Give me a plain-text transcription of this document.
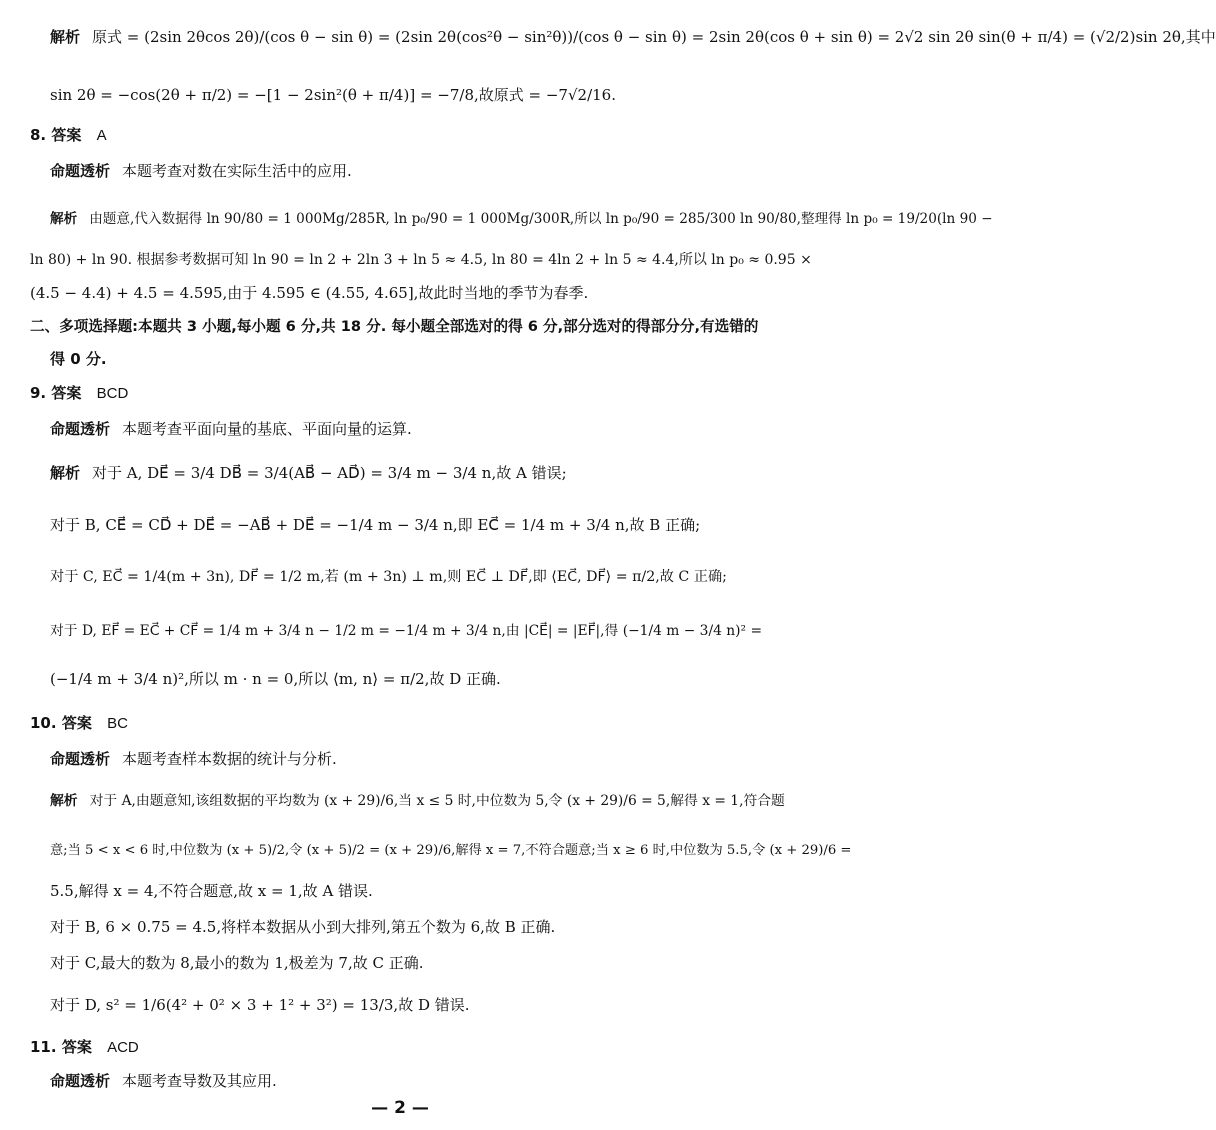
解析 原式 = (2sin 2θcos 2θ)/(cos θ − sin θ) = (2sin 2θ(cos²θ − sin²θ))/(cos θ − sin θ) = 2sin 2θ(cos θ + sin θ) = 2√2 sin 2θ sin(θ + π/4) = (√2/2)sin 2θ,其中
sin 2θ = −cos(2θ + π/2) = −[1 − 2sin²(θ + π/4)] = −7/8,故原式 = −7√2/16.
8. 答案 A
命题透析 本题考查对数在实际生活中的应用.
解析 由题意,代入数据得 ln 90/80 = 1 000Mg/285R, ln p₀/90 = 1 000Mg/300R,所以 ln p₀/90 = 285/300 ln 90/80,整理得 ln p₀ = 19/20(ln 90 −
ln 80) + ln 90. 根据参考数据可知 ln 90 = ln 2 + 2ln 3 + ln 5 ≈ 4.5, ln 80 = 4ln 2 + ln 5 ≈ 4.4,所以 ln p₀ ≈ 0.95 ×
(4.5 − 4.4) + 4.5 = 4.595,由于 4.595 ∈ (4.55, 4.65],故此时当地的季节为春季.
二、多项选择题:本题共 3 小题,每小题 6 分,共 18 分. 每小题全部选对的得 6 分,部分选对的得部分分,有选错的
得 0 分.
9. 答案 BCD
命题透析 本题考查平面向量的基底、平面向量的运算.
解析 对于 A, DE⃗ = 3/4 DB⃗ = 3/4(AB⃗ − AD⃗) = 3/4 m − 3/4 n,故 A 错误;
对于 B, CE⃗ = CD⃗ + DE⃗ = −AB⃗ + DE⃗ = −1/4 m − 3/4 n,即 EC⃗ = 1/4 m + 3/4 n,故 B 正确;
对于 C, EC⃗ = 1/4(m + 3n), DF⃗ = 1/2 m,若 (m + 3n) ⊥ m,则 EC⃗ ⊥ DF⃗,即 ⟨EC⃗, DF⃗⟩ = π/2,故 C 正确;
对于 D, EF⃗ = EC⃗ + CF⃗ = 1/4 m + 3/4 n − 1/2 m = −1/4 m + 3/4 n,由 |CE⃗| = |EF⃗|,得 (−1/4 m − 3/4 n)² =
(−1/4 m + 3/4 n)²,所以 m · n = 0,所以 ⟨m, n⟩ = π/2,故 D 正确.
10. 答案 BC
命题透析 本题考查样本数据的统计与分析.
解析 对于 A,由题意知,该组数据的平均数为 (x + 29)/6,当 x ≤ 5 时,中位数为 5,令 (x + 29)/6 = 5,解得 x = 1,符合题
意;当 5 < x < 6 时,中位数为 (x + 5)/2,令 (x + 5)/2 = (x + 29)/6,解得 x = 7,不符合题意;当 x ≥ 6 时,中位数为 5.5,令 (x + 29)/6 =
5.5,解得 x = 4,不符合题意,故 x = 1,故 A 错误.
对于 B, 6 × 0.75 = 4.5,将样本数据从小到大排列,第五个数为 6,故 B 正确.
对于 C,最大的数为 8,最小的数为 1,极差为 7,故 C 正确.
对于 D, s² = 1/6(4² + 0² × 3 + 1² + 3²) = 13/3,故 D 错误.
11. 答案 ACD
命题透析 本题考查导数及其应用.
— 2 —
